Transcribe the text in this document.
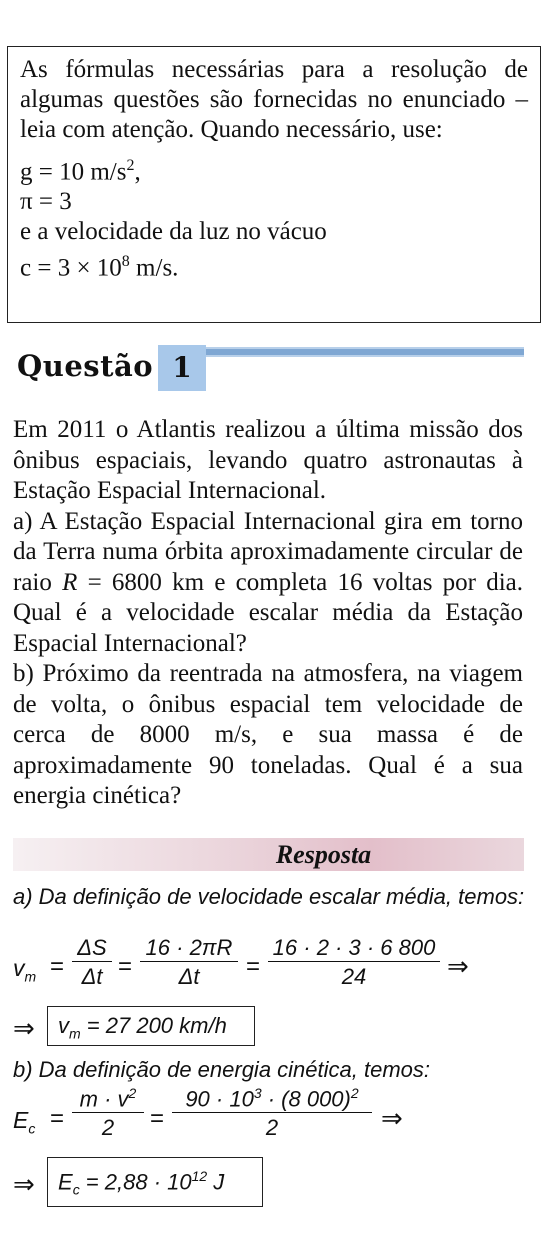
As fórmulas necessárias para a resolução de algumas questões são fornecidas no enunciado – leia com atenção. Quando necessário, use:
g = 10 $m/s^2$,
π = 3
e a velocidade da luz no vácuo
$c = 3 \times 10^8$ m/s.
Questão 1

Em 2011 o Atlantis realizou a última missão dos ônibus espaciais, levando quatro astronautas à Estação Espacial Internacional.

a) A Estação Espacial Internacional gira em torno da Terra numa órbita aproximadamente circular de raio R = 6800 km e completa 16 voltas por dia. Qual é a velocidade escalar média da Estação Espacial Internacional?

b) Próximo da reentrada na atmosfera, na viagem de volta, o ônibus espacial tem velocidade de cerca de 8000 m/s, e sua massa é de aproximadamente 90 toneladas. Qual é a sua energia cinética?

Resposta
a) Da definição de velocidade escalar média, temos:
$v_m = \frac{\Delta S}{\Delta t} = \frac{16 \cdot 2\pi R}{\Delta t} = \frac{16 \cdot 2 \cdot 3 \cdot 6 800}{24}$ ⇒
⇒	$v_m = 27$ 200 km/h
b) Da definição de energia cinética, temos:
$E_c = \frac{m \cdot v^2}{2} = \frac{90 \cdot 10^3 \cdot (8 000)^2}{2}$ ⇒
⇒	$E_c = 2,88 \cdot 10^{12}$ J
